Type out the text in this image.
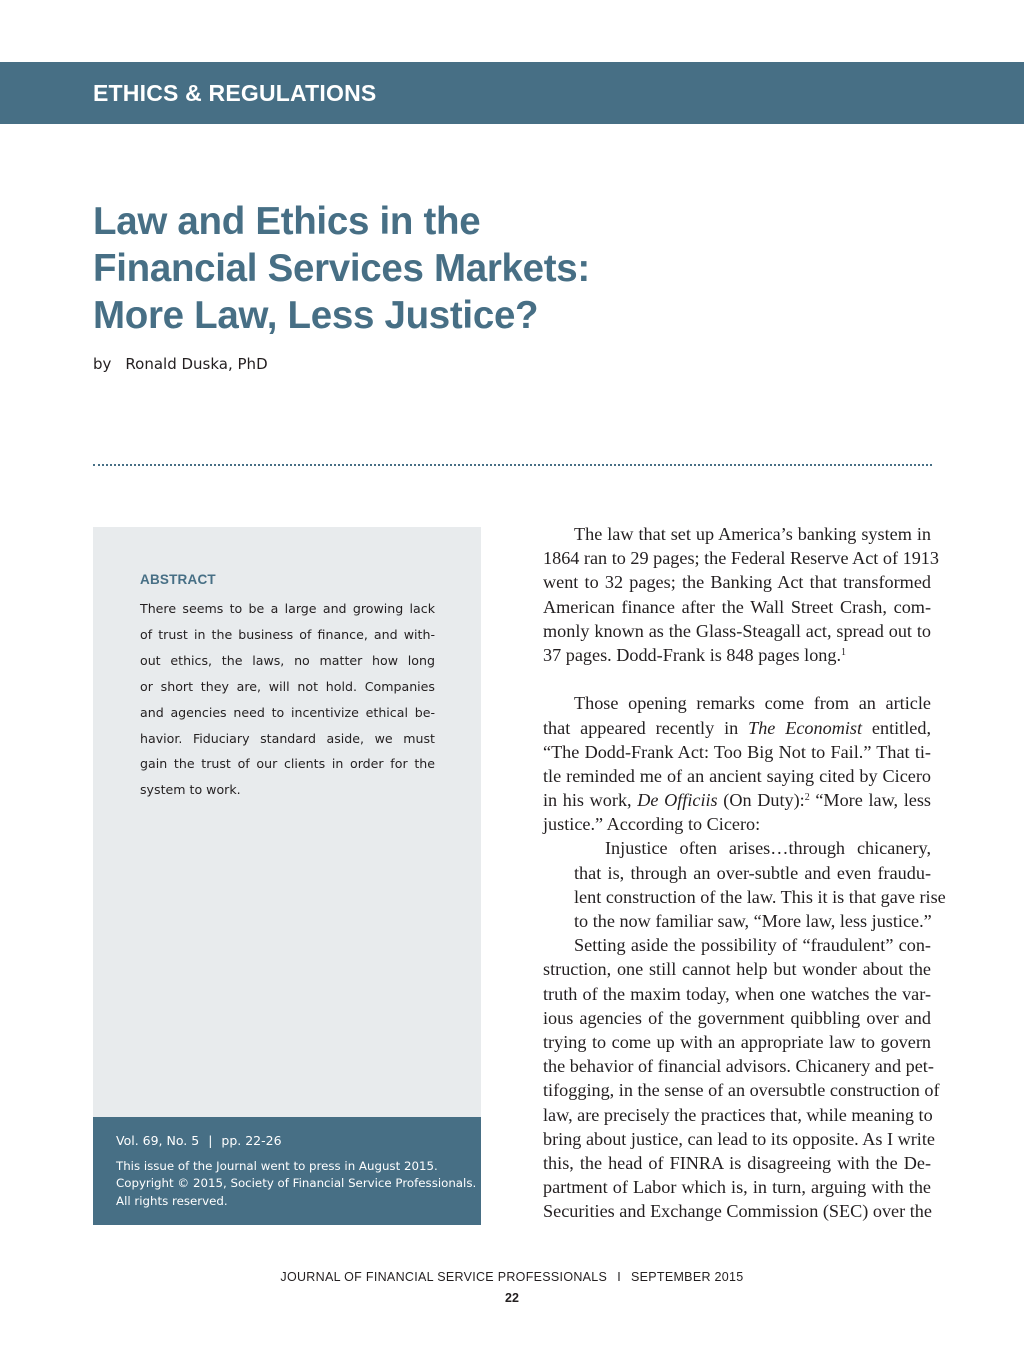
ETHICS & REGULATIONS
Law and Ethics in the
Financial Services Markets:
More Law, Less Justice?

by Ronald Duska, PhD

ABSTRACT
There seems to be a large and growing lack
of trust in the business of finance, and with-
out ethics, the laws, no matter how long
or short they are, will not hold. Companies
and agencies need to incentivize ethical be-
havior. Fiduciary standard aside, we must
gain the trust of our clients in order for the
system to work.

Vol. 69, No. 5 | pp. 22-26

This issue of the Journal went to press in August 2015.
Copyright © 2015, Society of Financial Service Professionals.
All rights reserved.
The law that set up America’s banking system in
1864 ran to 29 pages; the Federal Reserve Act of 1913
went to 32 pages; the Banking Act that transformed
American finance after the Wall Street Crash, com-
monly known as the Glass-Steagall act, spread out to
37 pages. Dodd-Frank is 848 pages long.$^1$
Those opening remarks come from an article
that appeared recently in The Economist entitled,
“The Dodd-Frank Act: Too Big Not to Fail.” That ti-
tle reminded me of an ancient saying cited by Cicero
in his work, De Officiis (On Duty):$^2$ “More law, less
justice.” According to Cicero:
Injustice often arises…through chicanery,
that is, through an over-subtle and even fraudu-
lent construction of the law. This it is that gave rise
to the now familiar saw, “More law, less justice.”
Setting aside the possibility of “fraudulent” con-
struction, one still cannot help but wonder about the
truth of the maxim today, when one watches the var-
ious agencies of the government quibbling over and
trying to come up with an appropriate law to govern
the behavior of financial advisors. Chicanery and pet-
tifogging, in the sense of an oversubtle construction of
law, are precisely the practices that, while meaning to
bring about justice, can lead to its opposite. As I write
this, the head of FINRA is disagreeing with the De-
partment of Labor which is, in turn, arguing with the
Securities and Exchange Commission (SEC) over the

JOURNAL OF FINANCIAL SERVICE PROFESSIONALS I SEPTEMBER 2015

22
